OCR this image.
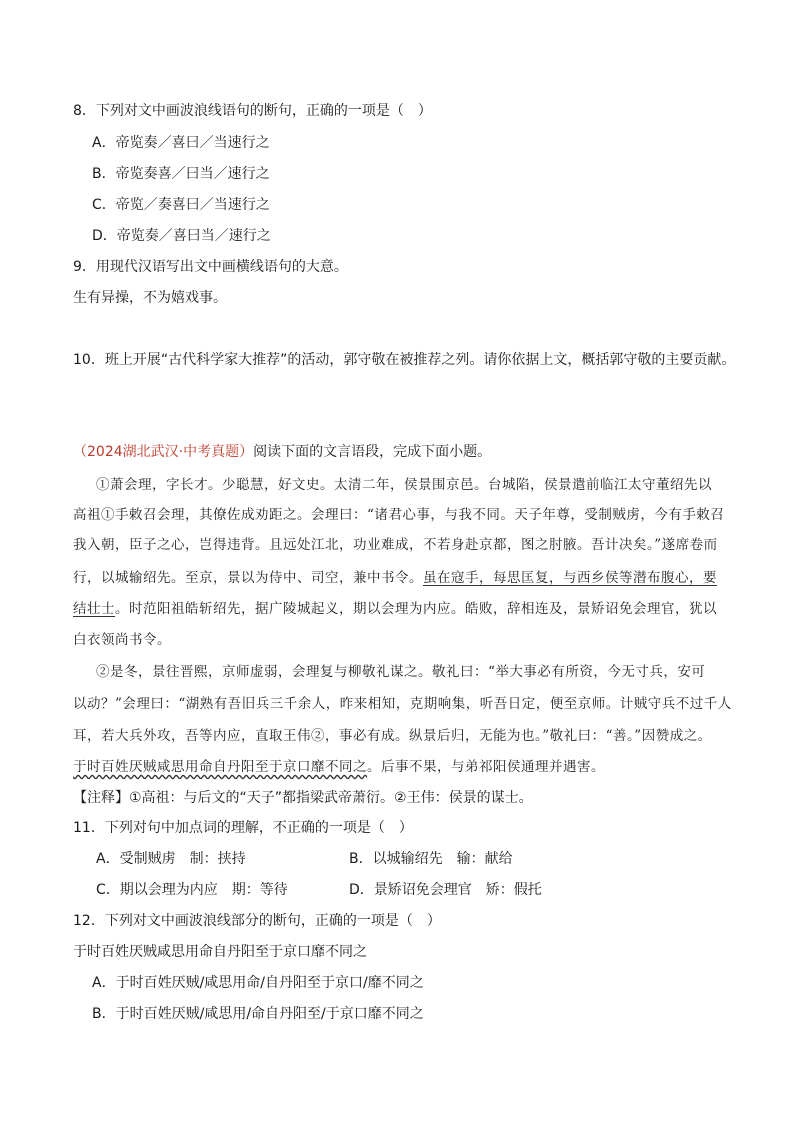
8．下列对文中画波浪线语句的断句，正确的一项是（　）
A．帝览奏／喜曰／当速行之
B．帝览奏喜／曰当／速行之
C．帝览／奏喜曰／当速行之
D．帝览奏／喜曰当／速行之
9．用现代汉语写出文中画横线语句的大意。
生有异操，不为嬉戏事。
10．班上开展“古代科学家大推荐”的活动，郭守敬在被推荐之列。请你依据上文，概括郭守敬的主要贡献。
（2024湖北武汉·中考真题）阅读下面的文言语段，完成下面小题。
①萧会理，字长才。少聪慧，好文史。太清二年，侯景围京邑。台城陷，侯景遣前临江太守董绍先以
高祖①手敕召会理，其僚佐成劝距之。会理曰：“诸君心事，与我不同。天子年尊，受制贼虏，今有手敕召
我入朝，臣子之心，岂得违背。且远处江北，功业难成，不若身赴京都，图之肘腋。吾计决矣。”遂席卷而
行，以城输绍先。至京，景以为侍中、司空，兼中书令。虽在寇手，每思匡复，与西乡侯等潜布腹心，要
结壮士。时范阳祖皓斩绍先，据广陵城起义，期以会理为内应。皓败，辞相连及，景矫诏免会理官，犹以
白衣领尚书令。
②是冬，景往晋熙，京师虚弱，会理复与柳敬礼谋之。敬礼曰：“举大事必有所资，今无寸兵，安可
以动？”会理曰：“湖熟有吾旧兵三千余人，昨来相知，克期响集，听吾日定，便至京师。计贼守兵不过千人
耳，若大兵外攻，吾等内应，直取王伟②，事必有成。纵景后归，无能为也。”敬礼曰：“善。”因赞成之。
于时百姓厌贼咸思用命自丹阳至于京口靡不同之。后事不果，与弟祁阳侯通理并遇害。
【注释】①高祖：与后文的“天子”都指梁武帝萧衍。②王伟：侯景的谋士。
11．下列对句中加点词的理解，不正确的一项是（　）
A．受制贼虏　制：挟持	B．以城输绍先　输：献给
C．期以会理为内应　期：等待	D．景矫诏免会理官　矫：假托
12．下列对文中画波浪线部分的断句，正确的一项是（　）
于时百姓厌贼咸思用命自丹阳至于京口靡不同之
A．于时百姓厌贼/咸思用命/自丹阳至于京口/靡不同之
B．于时百姓厌贼/咸思用/命自丹阳至/于京口靡不同之
